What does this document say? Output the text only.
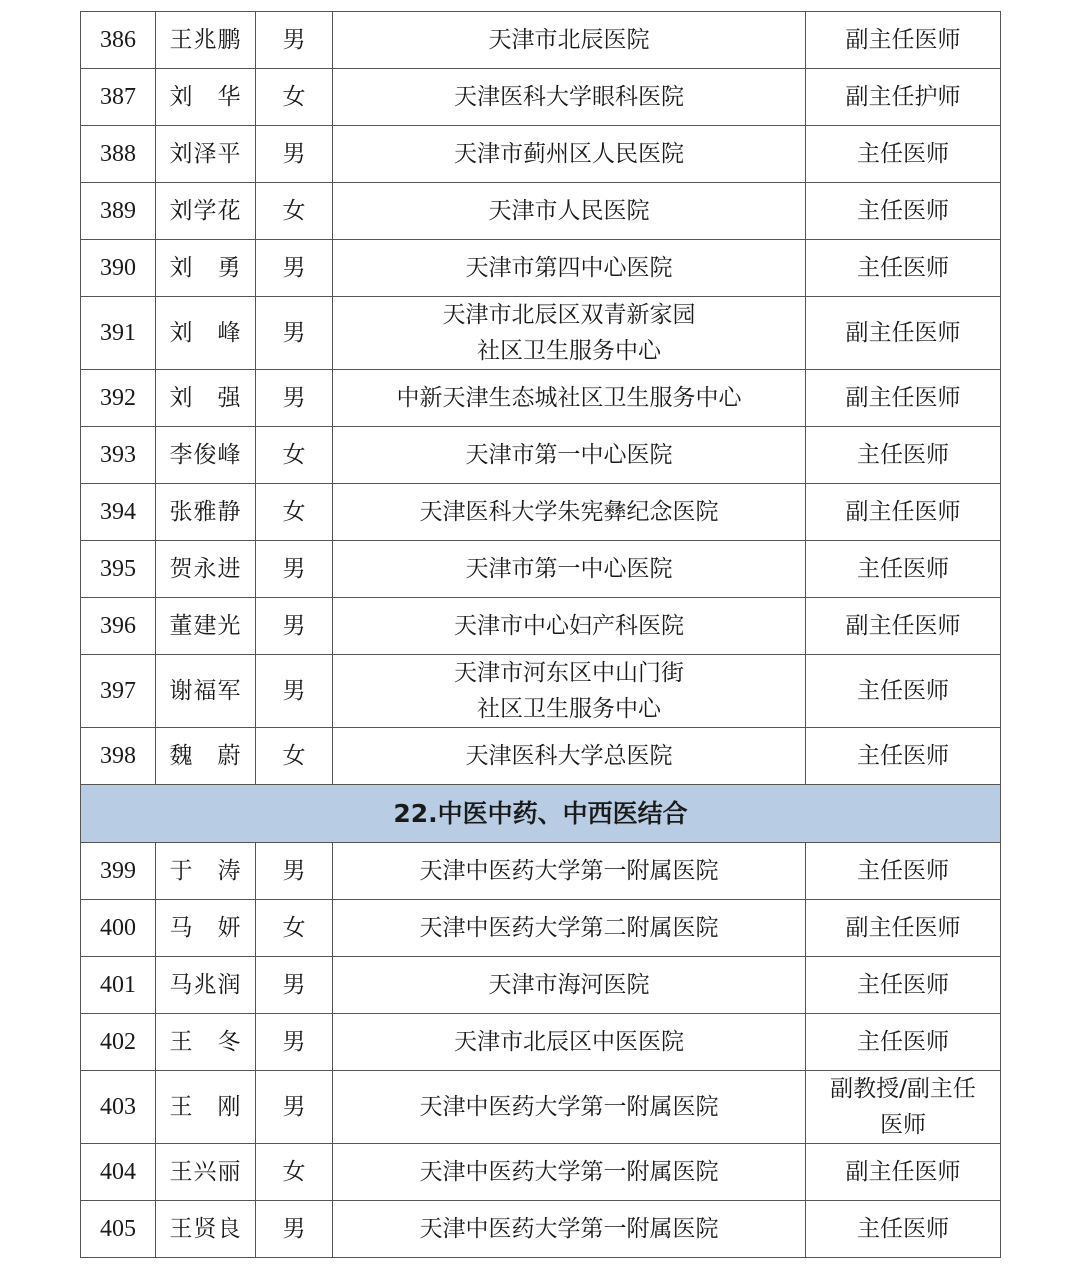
386	王兆鹏	男	天津市北辰医院	副主任医师
387	刘　华	女	天津医科大学眼科医院	副主任护师
388	刘泽平	男	天津市蓟州区人民医院	主任医师
389	刘学花	女	天津市人民医院	主任医师
390	刘　勇	男	天津市第四中心医院	主任医师
391	刘　峰	男	天津市北辰区双青新家园
社区卫生服务中心	副主任医师
392	刘　强	男	中新天津生态城社区卫生服务中心	副主任医师
393	李俊峰	女	天津市第一中心医院	主任医师
394	张雅静	女	天津医科大学朱宪彝纪念医院	副主任医师
395	贺永进	男	天津市第一中心医院	主任医师
396	董建光	男	天津市中心妇产科医院	副主任医师
397	谢福军	男	天津市河东区中山门街
社区卫生服务中心	主任医师
398	魏　蔚	女	天津医科大学总医院	主任医师
22.中医中药、中西医结合				
399	于　涛	男	天津中医药大学第一附属医院	主任医师
400	马　妍	女	天津中医药大学第二附属医院	副主任医师
401	马兆润	男	天津市海河医院	主任医师
402	王　冬	男	天津市北辰区中医医院	主任医师
403	王　刚	男	天津中医药大学第一附属医院	副教授/副主任
医师

404	王兴丽	女	天津中医药大学第一附属医院	副主任医师
405	王贤良	男	天津中医药大学第一附属医院	主任医师
